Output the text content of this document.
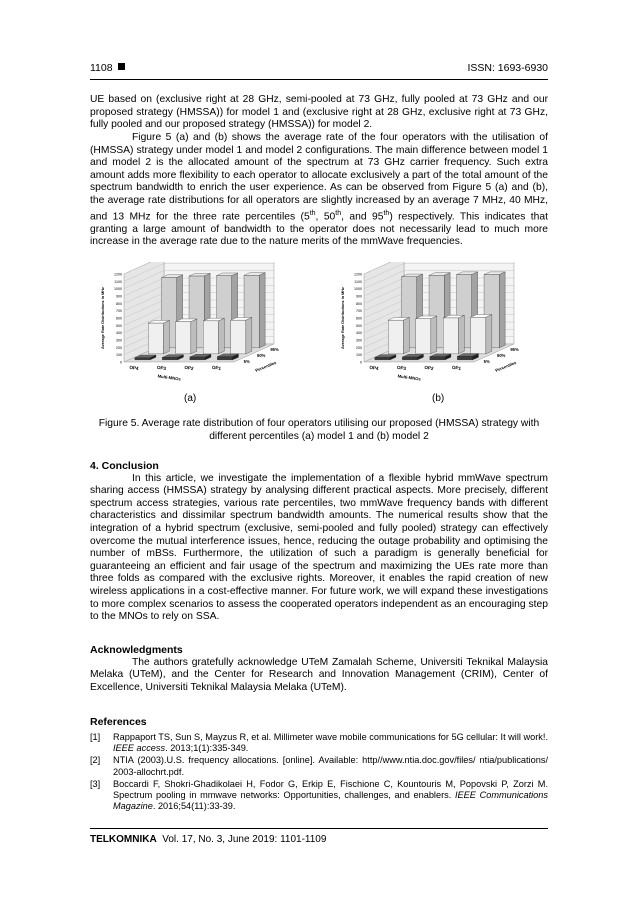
1108	ISSN: 1693-6930
UE based on (exclusive right at 28 GHz, semi-pooled at 73 GHz, fully pooled at 73 GHz and our proposed strategy (HMSSA)) for model 1 and (exclusive right at 28 GHz, exclusive right at 73 GHz, fully pooled and our proposed strategy (HMSSA)) for model 2.
Figure 5 (a) and (b) shows the average rate of the four operators with the utilisation of (HMSSA) strategy under model 1 and model 2 configurations. The main difference between model 1 and model 2 is the allocated amount of the spectrum at 73 GHz carrier frequency. Such extra amount adds more flexibility to each operator to allocate exclusively a part of the total amount of the spectrum bandwidth to enrich the user experience. As can be observed from Figure 5 (a) and (b), the average rate distributions for all operators are slightly increased by an average 7 MHz, 40 MHz, and 13 MHz for the three rate percentiles (5th, 50th, and 95th) respectively. This indicates that granting a large amount of bandwidth to the operator does not necessarily lead to much more increase in the average rate due to the nature merits of the mmWave frequencies.
0
100
200
300
400
500
600
700
800
900
1000
1100
1200
Average Rate Distributions in MHz
OP4	OP3	OP2	OP1
Multi-MNOs
5%
50%
95%
Percentiles	0
100
200
300
400
500
600
700
800
900
1000
1100
1200
Average Rate Distributions in MHz
OP4	OP3	OP2	OP1
Multi-MNOs
5%
50%
95%
Percentiles
(a)	(b)
Figure 5. Average rate distribution of four operators utilising our proposed (HMSSA) strategy with different percentiles (a) model 1 and (b) model 2
4. Conclusion
In this article, we investigate the implementation of a flexible hybrid mmWave spectrum sharing access (HMSSA) strategy by analysing different practical aspects. More precisely, different spectrum access strategies, various rate percentiles, two mmWave frequency bands with different characteristics and dissimilar spectrum bandwidth amounts. The numerical results show that the integration of a hybrid spectrum (exclusive, semi-pooled and fully pooled) strategy can effectively overcome the mutual interference issues, hence, reducing the outage probability and optimising the number of mBSs. Furthermore, the utilization of such a paradigm is generally beneficial for guaranteeing an efficient and fair usage of the spectrum and maximizing the UEs rate more than three folds as compared with the exclusive rights. Moreover, it enables the rapid creation of new wireless applications in a cost-effective manner. For future work, we will expand these investigations to more complex scenarios to assess the cooperated operators independent as an encouraging step to the MNOs to rely on SSA.
Acknowledgments
The authors gratefully acknowledge UTeM Zamalah Scheme, Universiti Teknikal Malaysia Melaka (UTeM), and the Center for Research and Innovation Management (CRIM), Center of Excellence, Universiti Teknikal Malaysia Melaka (UTeM).
References
[1] Rappaport TS, Sun S, Mayzus R, et al. Millimeter wave mobile communications for 5G cellular: It will work!. IEEE access. 2013;1(1):335-349.
[2] NTIA (2003).U.S. frequency allocations. [online]. Available: http//www.ntia.doc.gov/files/ ntia/publications/ 2003-allochrt.pdf.
[3] Boccardi F, Shokri-Ghadikolaei H, Fodor G, Erkip E, Fischione C, Kountouris M, Popovski P, Zorzi M. Spectrum pooling in mmwave networks: Opportunities, challenges, and enablers. IEEE Communications Magazine. 2016;54(11):33-39.
TELKOMNIKA Vol. 17, No. 3, June 2019: 1101-1109
